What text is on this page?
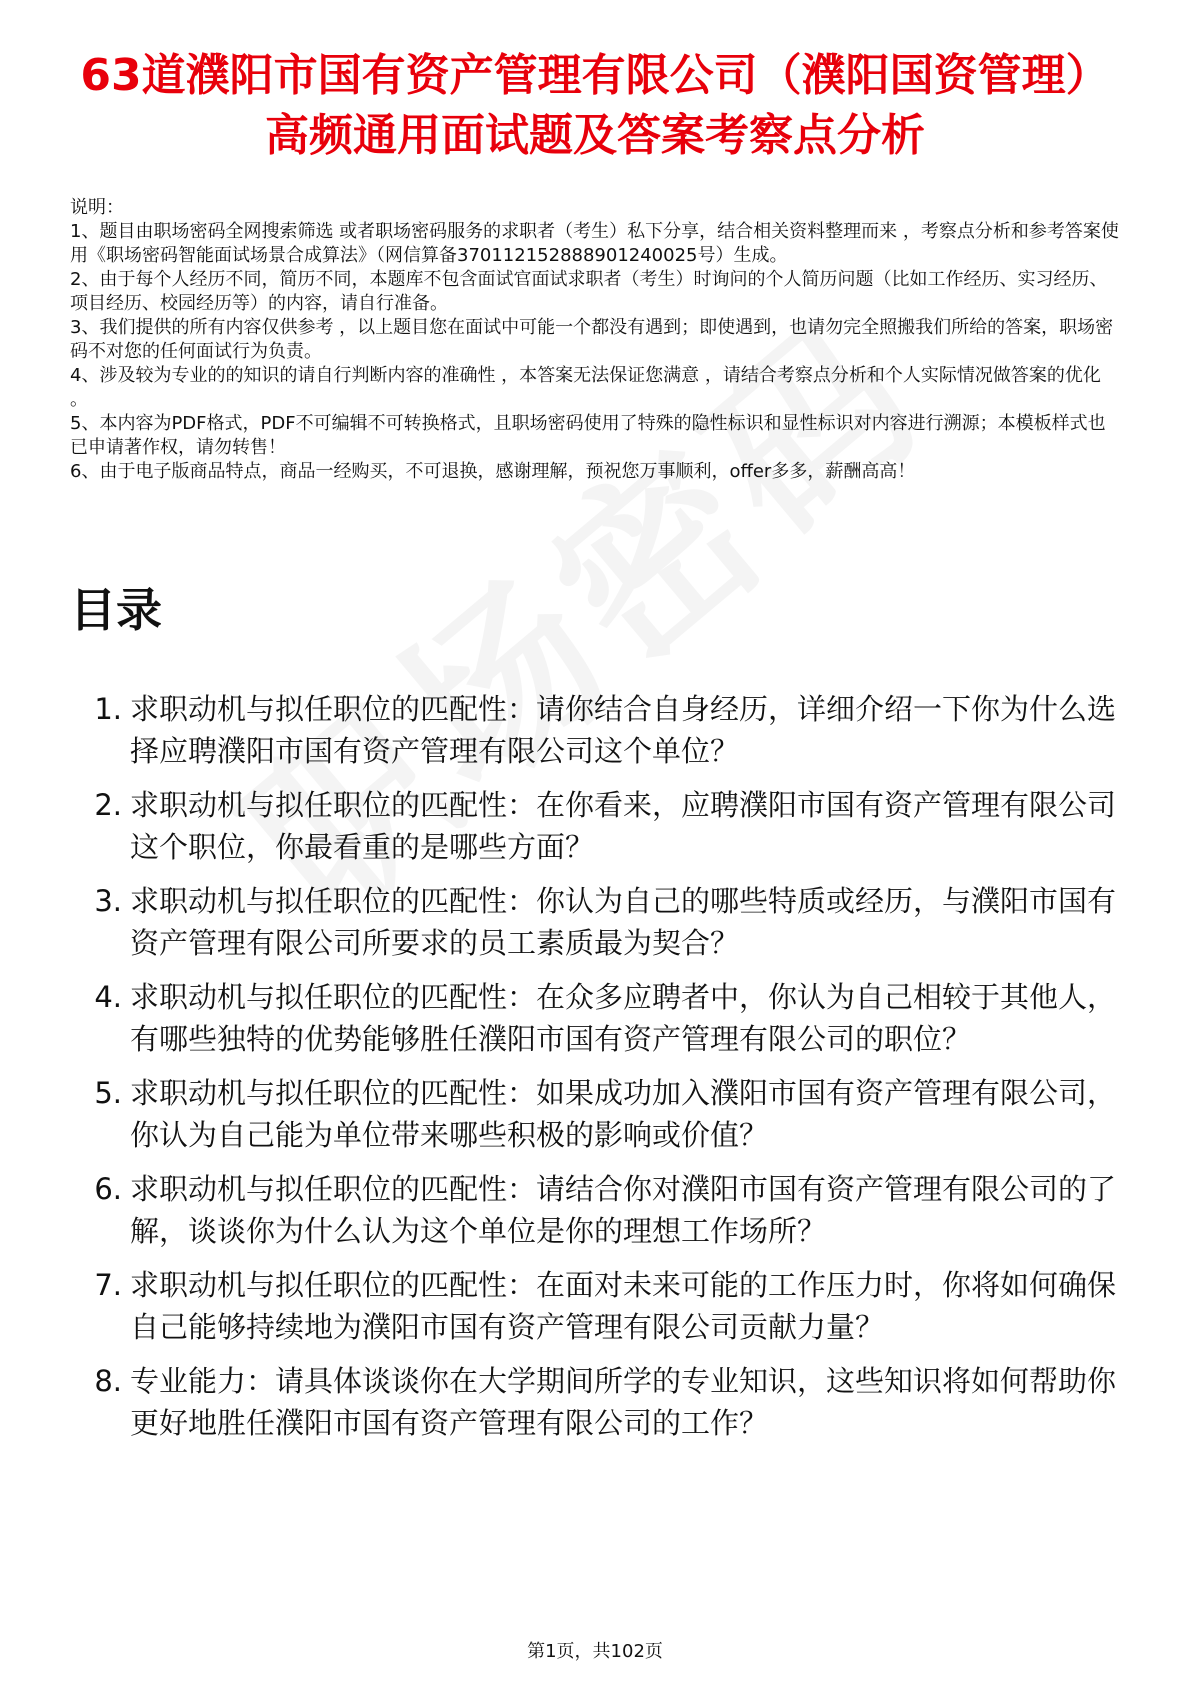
63道濮阳市国有资产管理有限公司（濮阳国资管理）高频通用面试题及答案考察点分析

说明：

1、题目由职场密码全网搜索筛选 或者职场密码服务的求职者（考生）私下分享，结合相关资料整理而来 ，考察点分析和参考答案使用《职场密码智能面试场景合成算法》（网信算备370112152888901240025号）生成。

2、由于每个人经历不同，简历不同，本题库不包含面试官面试求职者（考生）时询问的个人简历问题（比如工作经历、实习经历、项目经历、校园经历等）的内容，请自行准备。

3、我们提供的所有内容仅供参考 ，以上题目您在面试中可能一个都没有遇到；即使遇到，也请勿完全照搬我们所给的答案，职场密码不对您的任何面试行为负责。

4、涉及较为专业的的知识的请自行判断内容的准确性 ，本答案无法保证您满意 ，请结合考察点分析和个人实际情况做答案的优化 。

5、本内容为PDF格式，PDF不可编辑不可转换格式，且职场密码使用了特殊的隐性标识和显性标识对内容进行溯源；本模板样式也已申请著作权，请勿转售！

6、由于电子版商品特点，商品一经购买，不可退换，感谢理解，预祝您万事顺利，offer多多，薪酬高高！

目录
1. 求职动机与拟任职位的匹配性：请你结合自身经历，详细介绍一下你为什么选择应聘濮阳市国有资产管理有限公司这个单位？
2. 求职动机与拟任职位的匹配性：在你看来，应聘濮阳市国有资产管理有限公司这个职位，你最看重的是哪些方面？
3. 求职动机与拟任职位的匹配性：你认为自己的哪些特质或经历，与濮阳市国有资产管理有限公司所要求的员工素质最为契合？
4. 求职动机与拟任职位的匹配性：在众多应聘者中，你认为自己相较于其他人，有哪些独特的优势能够胜任濮阳市国有资产管理有限公司的职位？
5. 求职动机与拟任职位的匹配性：如果成功加入濮阳市国有资产管理有限公司，你认为自己能为单位带来哪些积极的影响或价值？
6. 求职动机与拟任职位的匹配性：请结合你对濮阳市国有资产管理有限公司的了解，谈谈你为什么认为这个单位是你的理想工作场所？
7. 求职动机与拟任职位的匹配性：在面对未来可能的工作压力时，你将如何确保自己能够持续地为濮阳市国有资产管理有限公司贡献力量？
8. 专业能力：请具体谈谈你在大学期间所学的专业知识，这些知识将如何帮助你更好地胜任濮阳市国有资产管理有限公司的工作？
第1页，共102页
